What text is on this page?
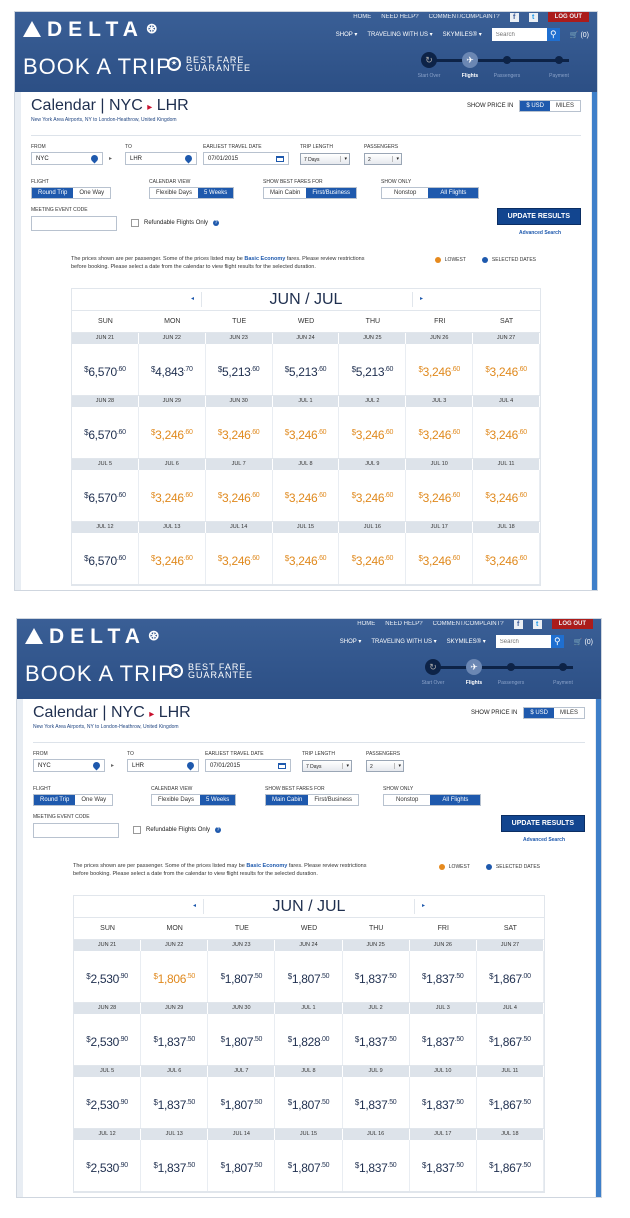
DELTA ⊛
HOME NEED HELP? COMMENT/COMPLAINT?	f	t	LOG OUT
SHOP ▾ TRAVELING WITH US ▾ SKYMILES® ▾
Search	⚲	🛒 (0)
BOOK A TRIP ★ BEST FARE
GUARANTEE
↻	✈
Start Over	Flights	Passengers	Payment
Calendar | NYC ▸ LHR
New York Area Airports, NY to London-Heathrow, United Kingdom
SHOW PRICE IN	$ USD	MILES
FROM
NYC	▸
TO
LHR
EARLIEST TRAVEL DATE
07/01/2015
TRIP LENGTH
7 Days	▾
PASSENGERS
2	▾
FLIGHT
Round Trip	One Way
CALENDAR VIEW
Flexible Days	5 Weeks
SHOW BEST FARES FOR
Main Cabin	First/Business
SHOW ONLY
Nonstop	All Flights
MEETING EVENT CODE
Refundable Flights Only	?
UPDATE RESULTS
Advanced Search
The prices shown are per passenger. Some of the prices listed may be Basic Economy fares. Please review restrictions before booking. Please select a date from the calendar to view flight results for the selected duration.
LOWEST	SELECTED DATES
◂	JUN / JUL	▸
SUN	MON	TUE	WED	THU	FRI	SAT
JUN 21	JUN 22	JUN 23	JUN 24	JUN 25	JUN 26	JUN 27
$^{\$}6,570^{.60}$	$^{\$}4,843^{.70}$	$^{\$}5,213^{.60}$	$^{\$}5,213^{.60}$	$^{\$}5,213^{.60}$	$^{\$}3,246^{.60}$	$^{\$}3,246^{.60}$
JUN 28	JUN 29	JUN 30	JUL 1	JUL 2	JUL 3	JUL 4
$^{\$}6,570^{.60}$	$^{\$}3,246^{.60}$	$^{\$}3,246^{.60}$	$^{\$}3,246^{.60}$	$^{\$}3,246^{.60}$	$^{\$}3,246^{.60}$	$^{\$}3,246^{.60}$
JUL 5	JUL 6	JUL 7	JUL 8	JUL 9	JUL 10	JUL 11
$^{\$}6,570^{.60}$	$^{\$}3,246^{.60}$	$^{\$}3,246^{.60}$	$^{\$}3,246^{.60}$	$^{\$}3,246^{.60}$	$^{\$}3,246^{.60}$	$^{\$}3,246^{.60}$
JUL 12	JUL 13	JUL 14	JUL 15	JUL 16	JUL 17	JUL 18
$^{\$}6,570^{.60}$	$^{\$}3,246^{.60}$	$^{\$}3,246^{.60}$	$^{\$}3,246^{.60}$	$^{\$}3,246^{.60}$	$^{\$}3,246^{.60}$	$^{\$}3,246^{.60}$
DELTA ⊛
HOME NEED HELP? COMMENT/COMPLAINT?	f	t	LOG OUT
SHOP ▾ TRAVELING WITH US ▾ SKYMILES® ▾
Search	⚲	🛒 (0)
BOOK A TRIP ★ BEST FARE
GUARANTEE
↻	✈
Start Over	Flights	Passengers	Payment
Calendar | NYC ▸ LHR
New York Area Airports, NY to London-Heathrow, United Kingdom
SHOW PRICE IN	$ USD	MILES
FROM
NYC	▸
TO
LHR
EARLIEST TRAVEL DATE
07/01/2015
TRIP LENGTH
7 Days	▾
PASSENGERS
2	▾
FLIGHT
Round Trip	One Way
CALENDAR VIEW
Flexible Days	5 Weeks
SHOW BEST FARES FOR
Main Cabin	First/Business
SHOW ONLY
Nonstop	All Flights
MEETING EVENT CODE
Refundable Flights Only	?
UPDATE RESULTS
Advanced Search
The prices shown are per passenger. Some of the prices listed may be Basic Economy fares. Please review restrictions before booking. Please select a date from the calendar to view flight results for the selected duration.
LOWEST	SELECTED DATES
◂	JUN / JUL	▸
SUN	MON	TUE	WED	THU	FRI	SAT
JUN 21	JUN 22	JUN 23	JUN 24	JUN 25	JUN 26	JUN 27
$^{\$}2,530^{.90}$	$^{\$}1,806^{.50}$	$^{\$}1,807^{.50}$	$^{\$}1,807^{.50}$	$^{\$}1,837^{.50}$	$^{\$}1,837^{.50}$	$^{\$}1,867^{.00}$
JUN 28	JUN 29	JUN 30	JUL 1	JUL 2	JUL 3	JUL 4
$^{\$}2,530^{.90}$	$^{\$}1,837^{.50}$	$^{\$}1,807^{.50}$	$^{\$}1,828^{.00}$	$^{\$}1,837^{.50}$	$^{\$}1,837^{.50}$	$^{\$}1,867^{.50}$
JUL 5	JUL 6	JUL 7	JUL 8	JUL 9	JUL 10	JUL 11
$^{\$}2,530^{.90}$	$^{\$}1,837^{.50}$	$^{\$}1,807^{.50}$	$^{\$}1,807^{.50}$	$^{\$}1,837^{.50}$	$^{\$}1,837^{.50}$	$^{\$}1,867^{.50}$
JUL 12	JUL 13	JUL 14	JUL 15	JUL 16	JUL 17	JUL 18
$^{\$}2,530^{.90}$	$^{\$}1,837^{.50}$	$^{\$}1,807^{.50}$	$^{\$}1,807^{.50}$	$^{\$}1,837^{.50}$	$^{\$}1,837^{.50}$	$^{\$}1,867^{.50}$
